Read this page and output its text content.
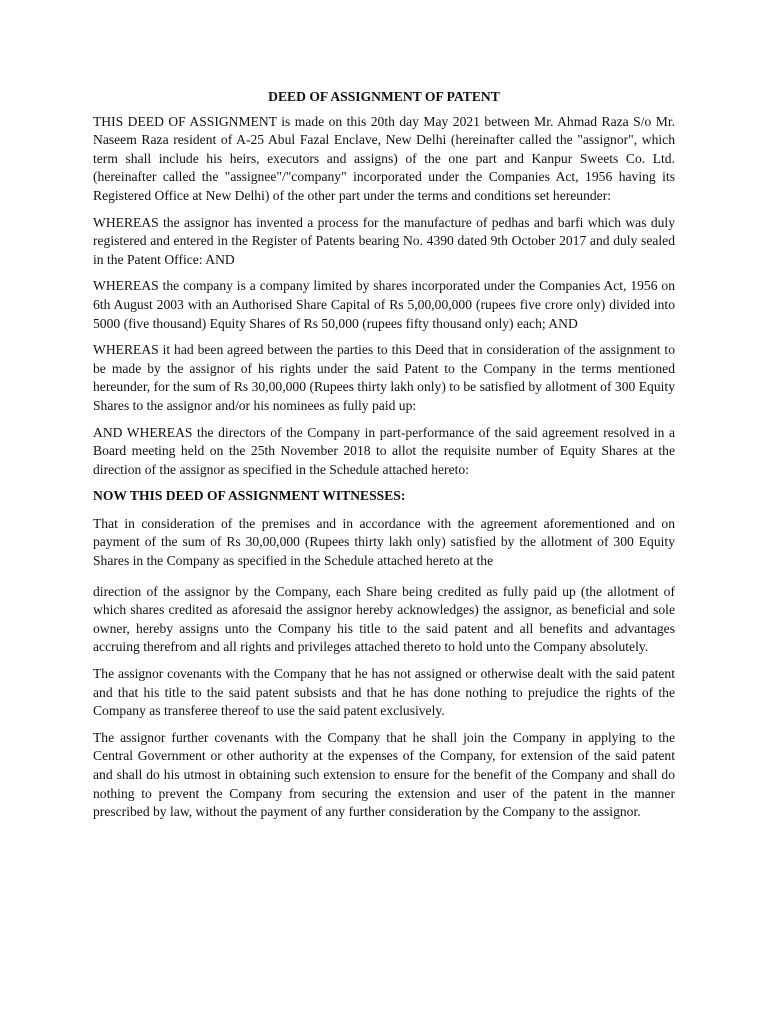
DEED OF ASSIGNMENT OF PATENT

THIS DEED OF ASSIGNMENT is made on this 20th day May 2021 between Mr. Ahmad Raza S/o Mr. Naseem Raza resident of A-25 Abul Fazal Enclave, New Delhi (hereinafter called the "assignor", which term shall include his heirs, executors and assigns) of the one part and Kanpur Sweets Co. Ltd. (hereinafter called the "assignee"/"company" incorporated under the Companies Act, 1956 having its Registered Office at New Delhi) of the other part under the terms and conditions set hereunder:

WHEREAS the assignor has invented a process for the manufacture of pedhas and barfi which was duly registered and entered in the Register of Patents bearing No. 4390 dated 9th October 2017 and duly sealed in the Patent Office: AND

WHEREAS the company is a company limited by shares incorporated under the Companies Act, 1956 on 6th August 2003 with an Authorised Share Capital of Rs 5,00,00,000 (rupees five crore only) divided into 5000 (five thousand) Equity Shares of Rs 50,000 (rupees fifty thousand only) each; AND

WHEREAS it had been agreed between the parties to this Deed that in consideration of the assignment to be made by the assignor of his rights under the said Patent to the Company in the terms mentioned hereunder, for the sum of Rs 30,00,000 (Rupees thirty lakh only) to be satisfied by allotment of 300 Equity Shares to the assignor and/or his nominees as fully paid up:

AND WHEREAS the directors of the Company in part-performance of the said agreement resolved in a Board meeting held on the 25th November 2018 to allot the requisite number of Equity Shares at the direction of the assignor as specified in the Schedule attached hereto:

NOW THIS DEED OF ASSIGNMENT WITNESSES:

That in consideration of the premises and in accordance with the agreement aforementioned and on payment of the sum of Rs 30,00,000 (Rupees thirty lakh only) satisfied by the allotment of 300 Equity Shares in the Company as specified in the Schedule attached hereto at the

direction of the assignor by the Company, each Share being credited as fully paid up (the allotment of which shares credited as aforesaid the assignor hereby acknowledges) the assignor, as beneficial and sole owner, hereby assigns unto the Company his title to the said patent and all benefits and advantages accruing therefrom and all rights and privileges attached thereto to hold unto the Company absolutely.

The assignor covenants with the Company that he has not assigned or otherwise dealt with the said patent and that his title to the said patent subsists and that he has done nothing to prejudice the rights of the Company as transferee thereof to use the said patent exclusively.

The assignor further covenants with the Company that he shall join the Company in applying to the Central Government or other authority at the expenses of the Company, for extension of the said patent and shall do his utmost in obtaining such extension to ensure for the benefit of the Company and shall do nothing to prevent the Company from securing the extension and user of the patent in the manner prescribed by law, without the payment of any further consideration by the Company to the assignor.
